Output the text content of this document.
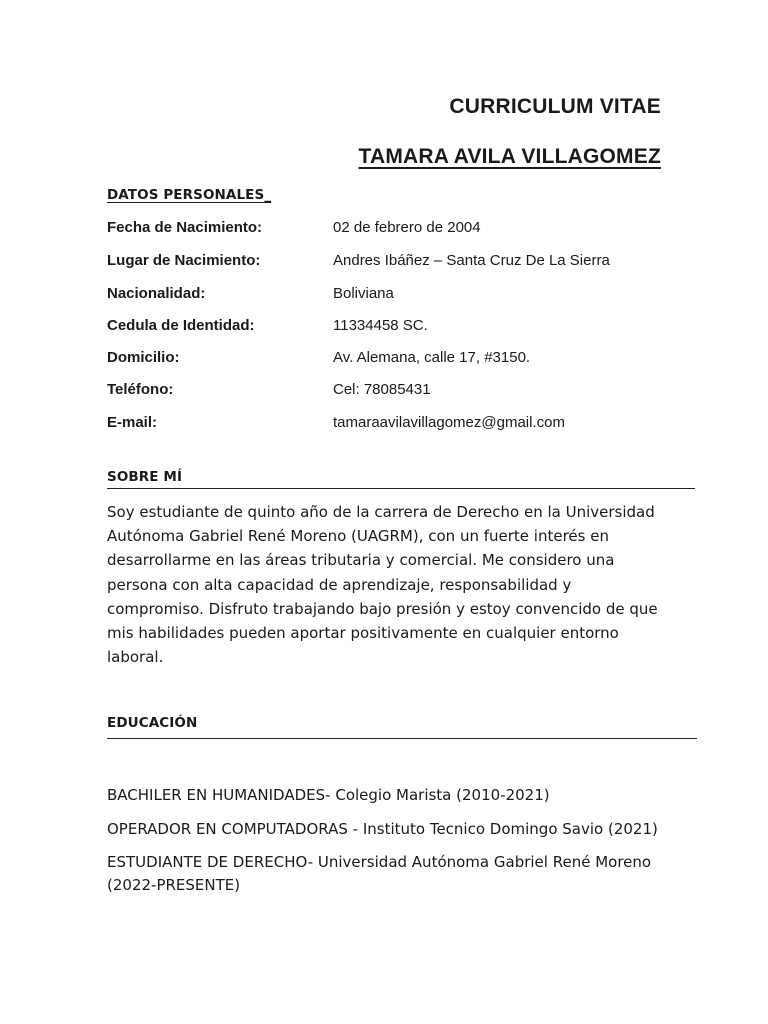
CURRICULUM VITAE
TAMARA AVILA VILLAGOMEZ
DATOS PERSONALES_
Fecha de Nacimiento:	02 de febrero de 2004
Lugar de Nacimiento:	Andres Ibáñez – Santa Cruz De La Sierra
Nacionalidad:	Boliviana
Cedula de Identidad:	11334458 SC.
Domicilio:	Av. Alemana, calle 17, #3150.
Teléfono:	Cel: 78085431
E-mail:	tamaraavilavillagomez@gmail.com
SOBRE MÍ
Soy estudiante de quinto año de la carrera de Derecho en la Universidad Autónoma Gabriel René Moreno (UAGRM), con un fuerte interés en desarrollarme en las áreas tributaria y comercial. Me considero una persona con alta capacidad de aprendizaje, responsabilidad y compromiso. Disfruto trabajando bajo presión y estoy convencido de que mis habilidades pueden aportar positivamente en cualquier entorno laboral.
EDUCACIÓN
BACHILER EN HUMANIDADES- Colegio Marista (2010-2021)
OPERADOR EN COMPUTADORAS - Instituto Tecnico Domingo Savio (2021)
ESTUDIANTE DE DERECHO- Universidad Autónoma Gabriel René Moreno (2022-PRESENTE)
